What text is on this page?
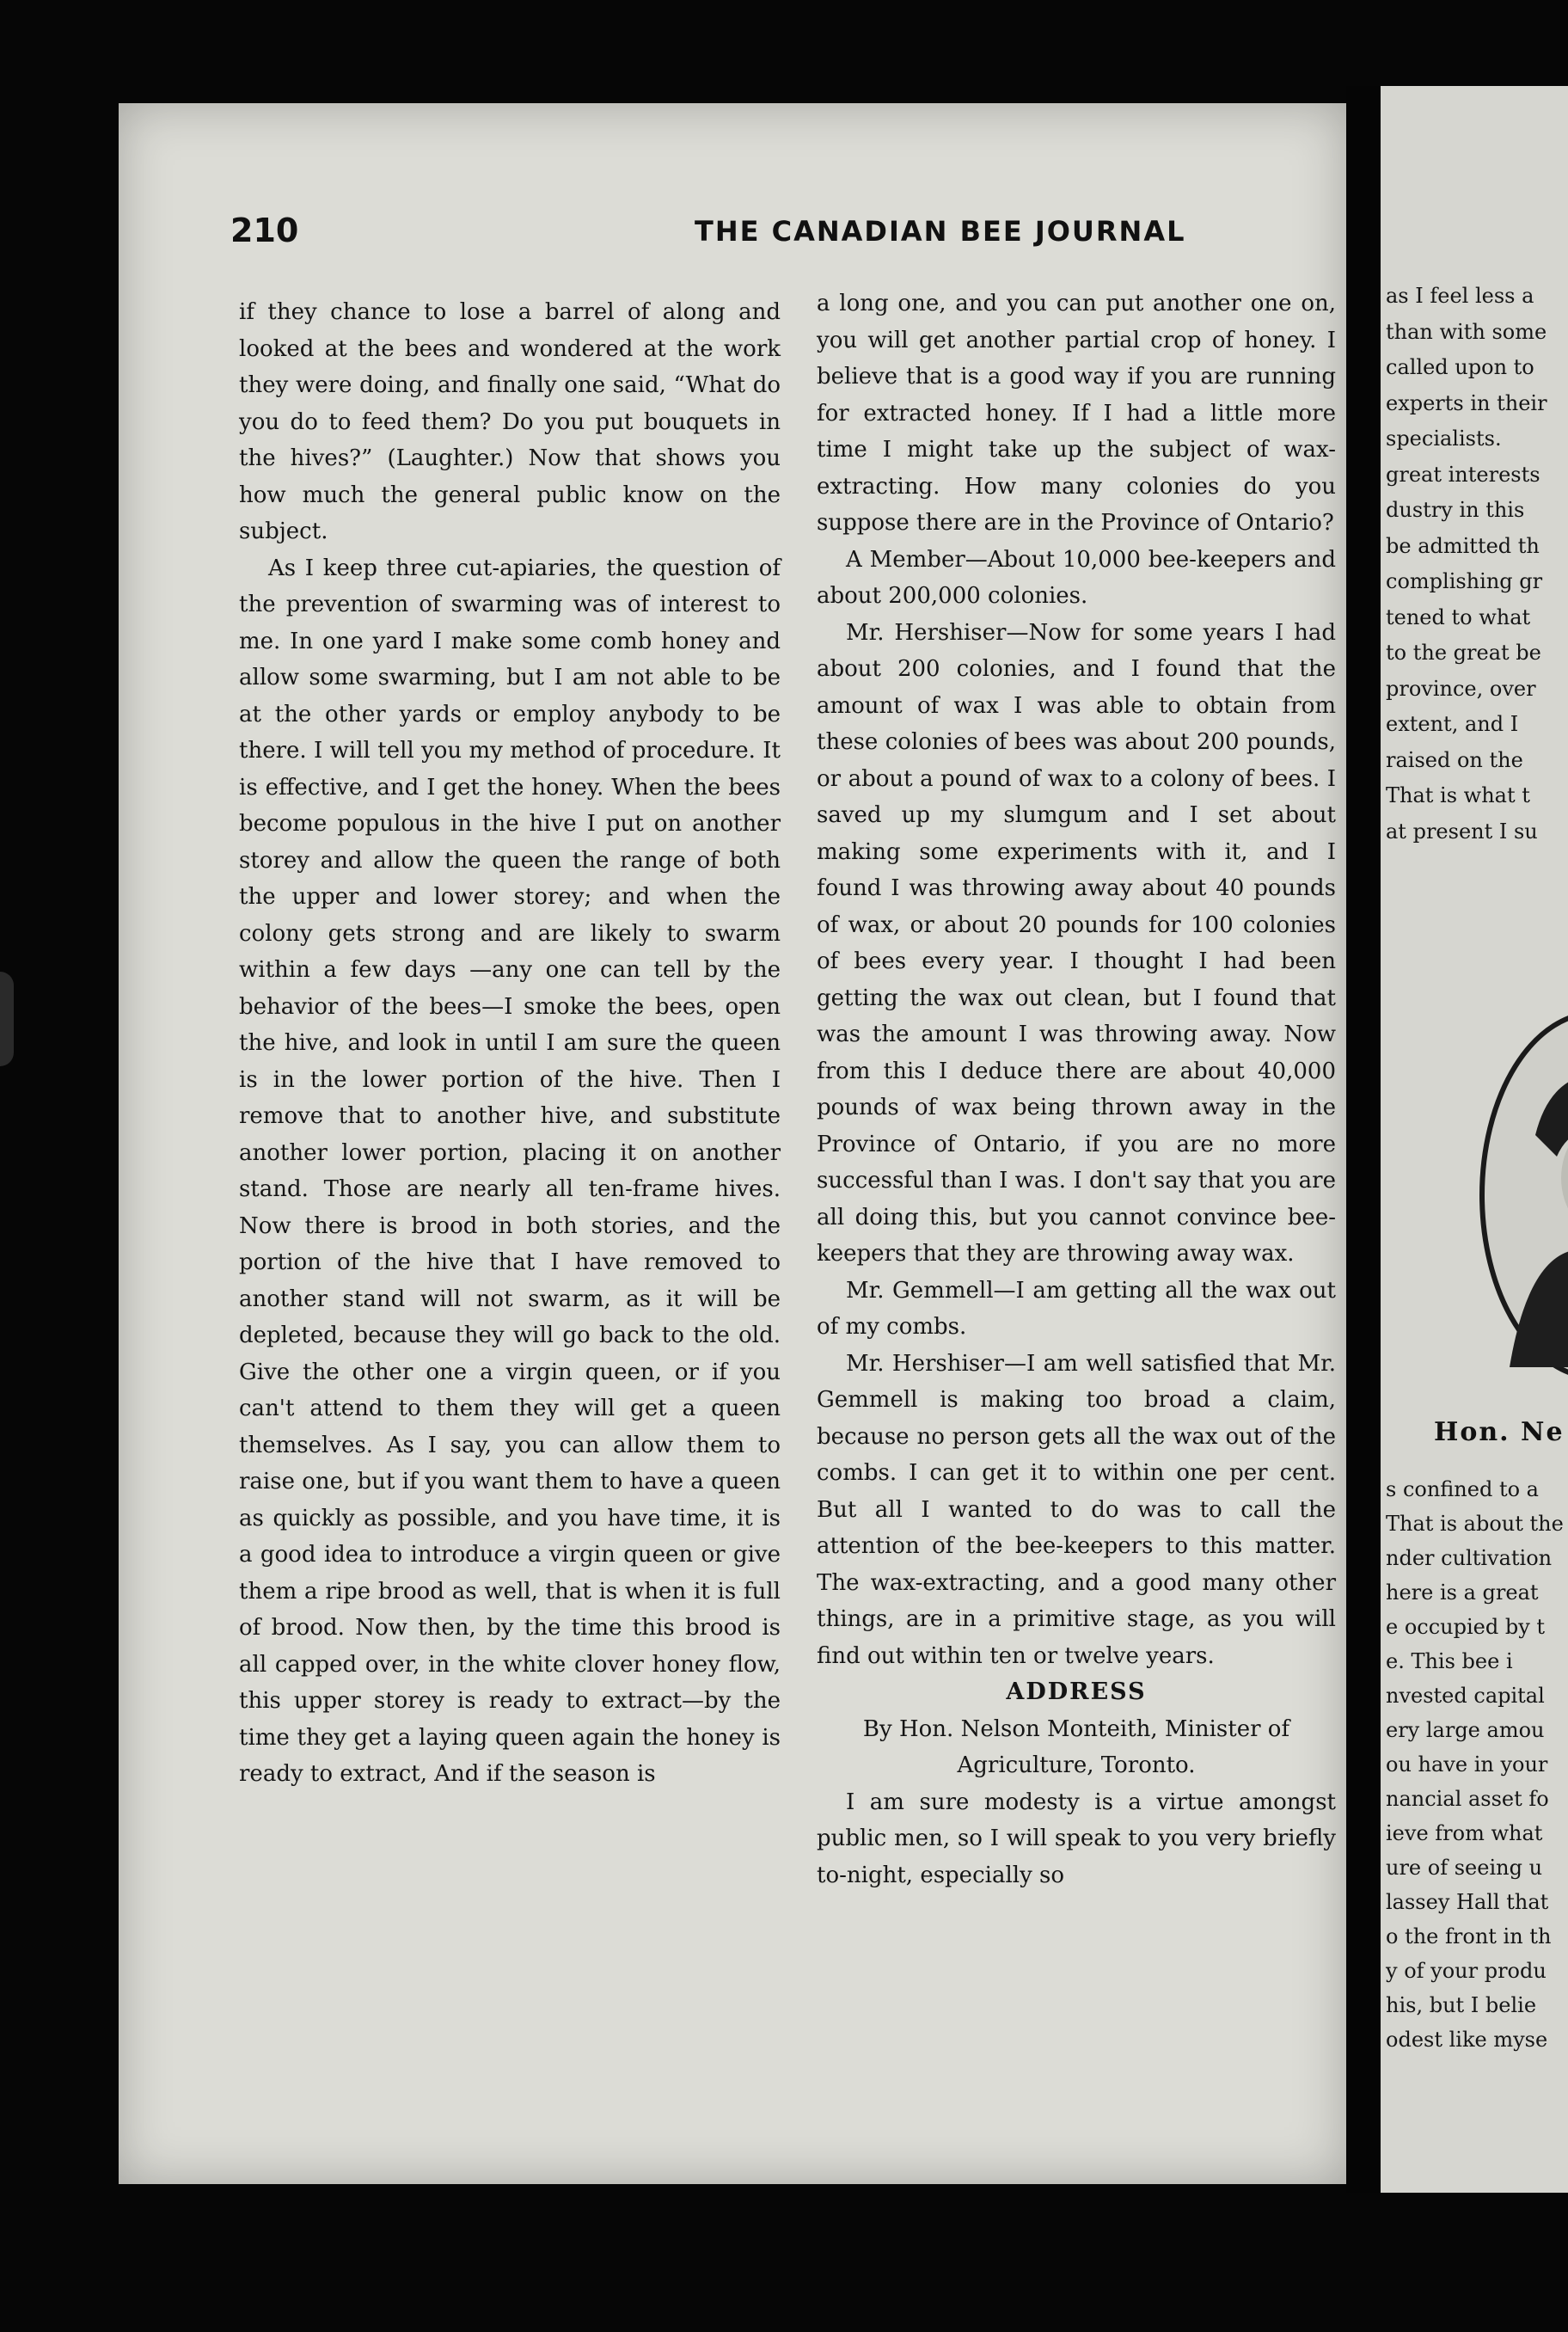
210	THE CANADIAN BEE JOURNAL

if they chance to lose a barrel of along and looked at the bees and wondered at the work they were doing, and finally one said, “What do you do to feed them? Do you put bouquets in the hives?” (Laughter.) Now that shows you how much the general public know on the subject.

As I keep three cut-apiaries, the question of the prevention of swarming was of interest to me. In one yard I make some comb honey and allow some swarming, but I am not able to be at the other yards or employ anybody to be there. I will tell you my method of procedure. It is effective, and I get the honey. When the bees become populous in the hive I put on another storey and allow the queen the range of both the upper and lower storey; and when the colony gets strong and are likely to swarm within a few days —any one can tell by the behavior of the bees—I smoke the bees, open the hive, and look in until I am sure the queen is in the lower portion of the hive. Then I remove that to another hive, and substitute another lower portion, placing it on another stand. Those are nearly all ten-frame hives. Now there is brood in both stories, and the portion of the hive that I have removed to another stand will not swarm, as it will be depleted, because they will go back to the old. Give the other one a virgin queen, or if you can't attend to them they will get a queen themselves. As I say, you can allow them to raise one, but if you want them to have a queen as quickly as possible, and you have time, it is a good idea to introduce a virgin queen or give them a ripe brood as well, that is when it is full of brood. Now then, by the time this brood is all capped over, in the white clover honey flow, this upper storey is ready to extract—by the time they get a laying queen again the honey is ready to extract, And if the season is

a long one, and you can put another one on, you will get another partial crop of honey. I believe that is a good way if you are running for extracted honey. If I had a little more time I might take up the subject of wax-extracting. How many colonies do you suppose there are in the Province of Ontario?

A Member—About 10,000 bee-keepers and about 200,000 colonies.

Mr. Hershiser—Now for some years I had about 200 colonies, and I found that the amount of wax I was able to obtain from these colonies of bees was about 200 pounds, or about a pound of wax to a colony of bees. I saved up my slumgum and I set about making some experiments with it, and I found I was throwing away about 40 pounds of wax, or about 20 pounds for 100 colonies of bees every year. I thought I had been getting the wax out clean, but I found that was the amount I was throwing away. Now from this I deduce there are about 40,000 pounds of wax being thrown away in the Province of Ontario, if you are no more successful than I was. I don't say that you are all doing this, but you cannot convince bee-keepers that they are throwing away wax.

Mr. Gemmell—I am getting all the wax out of my combs.

Mr. Hershiser—I am well satisfied that Mr. Gemmell is making too broad a claim, because no person gets all the wax out of the combs. I can get it to within one per cent. But all I wanted to do was to call the attention of the bee-keepers to this matter. The wax-extracting, and a good many other things, are in a primitive stage, as you will find out within ten or twelve years.

ADDRESS

By Hon. Nelson Monteith, Minister of Agriculture, Toronto.

I am sure modesty is a virtue amongst public men, so I will speak to you very briefly to-night, especially so

as I feel less a
than with some
called upon to
experts in their
specialists.
great interests
dustry in this
be admitted th
complishing gr
tened to what
to the great be
province, over
extent, and I
raised on the
That is what t
at present I su
Hon. Ne
s confined to a
That is about the
nder cultivation
here is a great
e occupied by t
e. This bee i
nvested capital
ery large amou
ou have in your
nancial asset fo
ieve from what
ure of seeing u
lassey Hall that
o the front in th
y of your produ
his, but I belie
odest like myse
